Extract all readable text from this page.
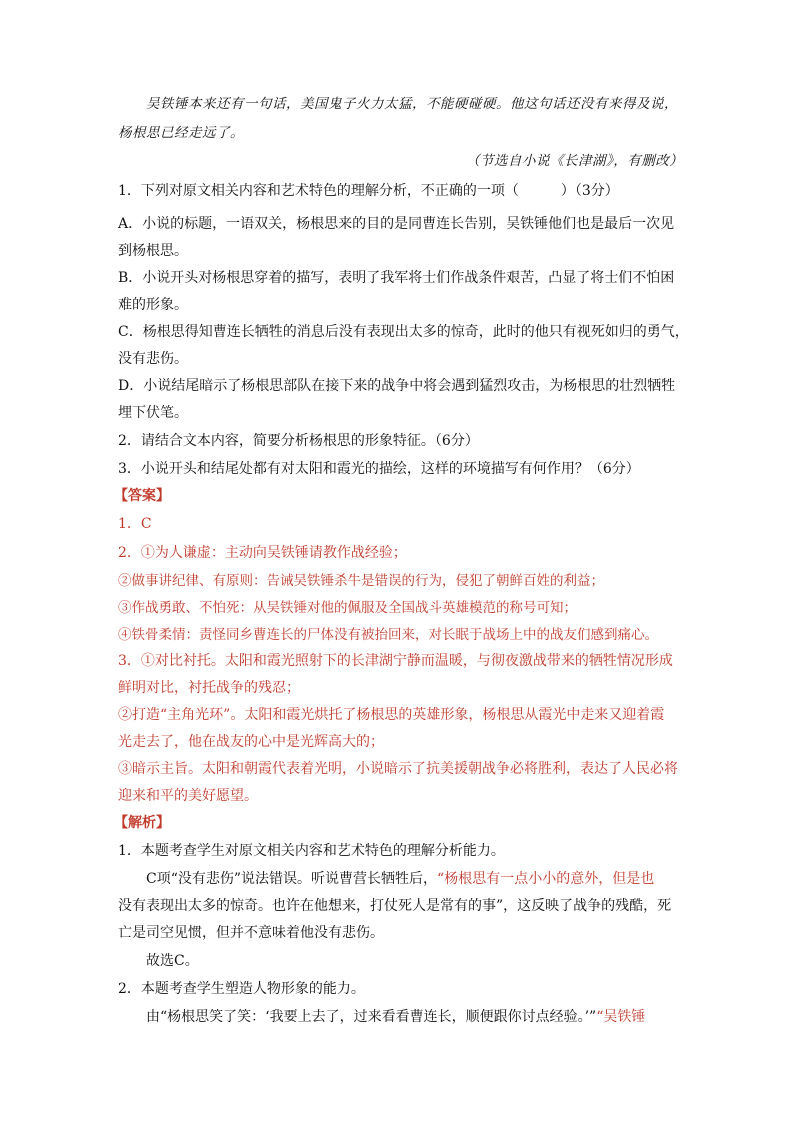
吴铁锤本来还有一句话，美国鬼子火力太猛，不能硬碰硬。他这句话还没有来得及说，
杨根思已经走远了。
（节选自小说《长津湖》，有删改）
1．下列对原文相关内容和艺术特色的理解分析，不正确的一项（　　　）（3分）
A．小说的标题，一语双关，杨根思来的目的是同曹连长告别，吴铁锤他们也是最后一次见
到杨根思。
B．小说开头对杨根思穿着的描写，表明了我军将士们作战条件艰苦，凸显了将士们不怕困
难的形象。
C．杨根思得知曹连长牺牲的消息后没有表现出太多的惊奇，此时的他只有视死如归的勇气，
没有悲伤。
D．小说结尾暗示了杨根思部队在接下来的战争中将会遇到猛烈攻击，为杨根思的壮烈牺牲
埋下伏笔。
2．请结合文本内容，简要分析杨根思的形象特征。（6分）
3．小说开头和结尾处都有对太阳和霞光的描绘，这样的环境描写有何作用？（6分）
【答案】
1．C
2．①为人谦虚：主动向吴铁锤请教作战经验；
②做事讲纪律、有原则：告诫吴铁锤杀牛是错误的行为，侵犯了朝鲜百姓的利益；
③作战勇敢、不怕死：从吴铁锤对他的佩服及全国战斗英雄模范的称号可知；
④铁骨柔情：责怪同乡曹连长的尸体没有被抬回来，对长眠于战场上中的战友们感到痛心。
3．①对比衬托。太阳和霞光照射下的长津湖宁静而温暖，与彻夜激战带来的牺牲情况形成
鲜明对比，衬托战争的残忍；
②打造“主角光环”。太阳和霞光烘托了杨根思的英雄形象，杨根思从霞光中走来又迎着霞
光走去了，他在战友的心中是光辉高大的；
③暗示主旨。太阳和朝霞代表着光明，小说暗示了抗美援朝战争必将胜利，表达了人民必将
迎来和平的美好愿望。
【解析】
1．本题考查学生对原文相关内容和艺术特色的理解分析能力。
C项“没有悲伤”说法错误。听说曹营长牺牲后，“杨根思有一点小小的意外，但是也
没有表现出太多的惊奇。也许在他想来，打仗死人是常有的事”，这反映了战争的残酷，死
亡是司空见惯，但并不意味着他没有悲伤。
故选C。
2．本题考查学生塑造人物形象的能力。
由“杨根思笑了笑：‘我要上去了，过来看看曹连长，顺便跟你讨点经验。’”“吴铁锤
